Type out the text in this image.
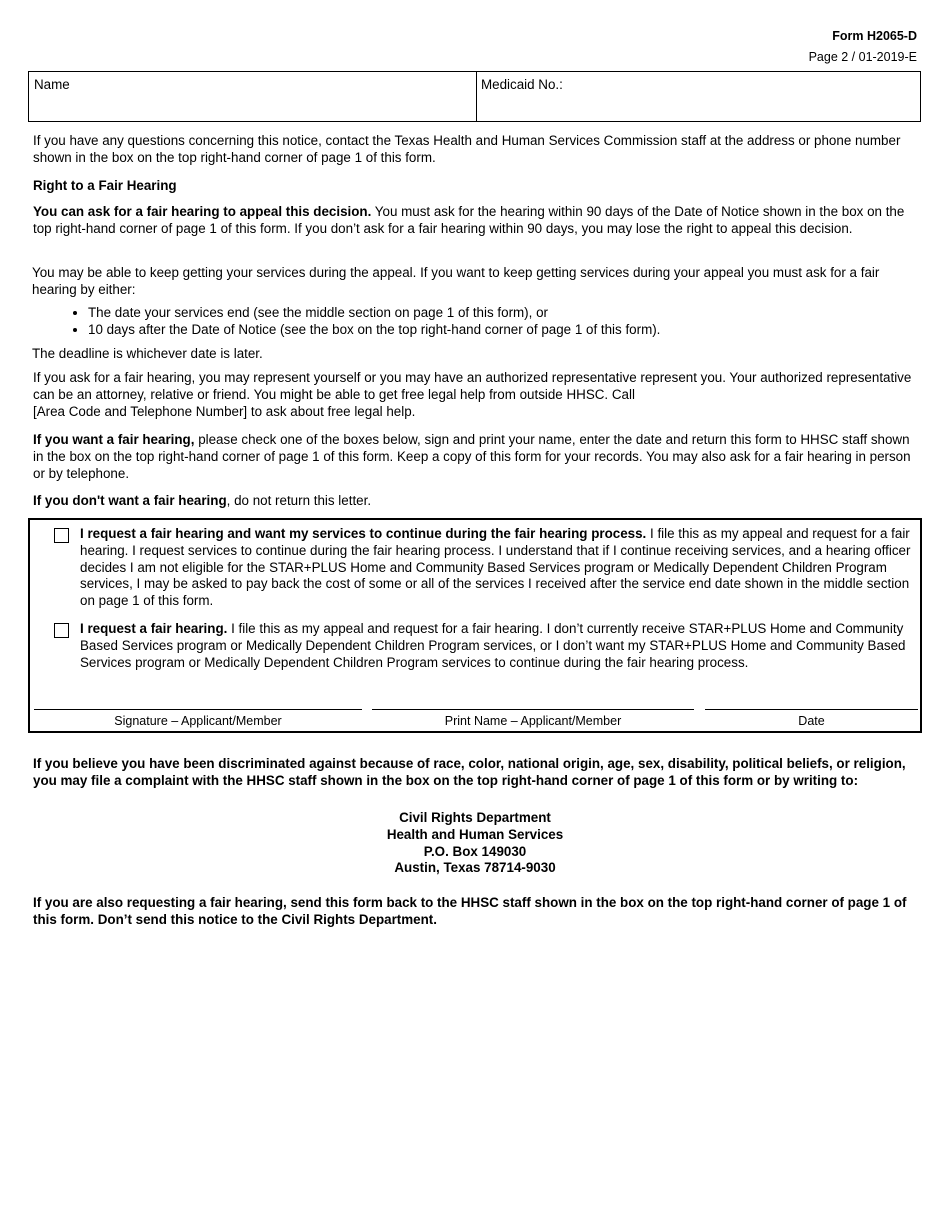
Form H2065-D
Page 2 / 01-2019-E
Name	Medicaid No.:

If you have any questions concerning this notice, contact the Texas Health and Human Services Commission staff at the address or phone number shown in the box on the top right-hand corner of page 1 of this form.

Right to a Fair Hearing

You can ask for a fair hearing to appeal this decision. You must ask for the hearing within 90 days of the Date of Notice shown in the box on the top right-hand corner of page 1 of this form. If you don’t ask for a fair hearing within 90 days, you may lose the right to appeal this decision.

You may be able to keep getting your services during the appeal. If you want to keep getting services during your appeal you must ask for a fair hearing by either:

• The date your services end (see the middle section on page 1 of this form), or
• 10 days after the Date of Notice (see the box on the top right-hand corner of page 1 of this form).

The deadline is whichever date is later.

If you ask for a fair hearing, you may represent yourself or you may have an authorized representative represent you. Your authorized representative can be an attorney, relative or friend. You might be able to get free legal help from outside HHSC. Call

[Area Code and Telephone Number] to ask about free legal help.

If you want a fair hearing, please check one of the boxes below, sign and print your name, enter the date and return this form to HHSC staff shown in the box on the top right-hand corner of page 1 of this form. Keep a copy of this form for your records. You may also ask for a fair hearing in person or by telephone.

If you don't want a fair hearing, do not return this letter.

I request a fair hearing and want my services to continue during the fair hearing process. I file this as my appeal and request for a fair hearing. I request services to continue during the fair hearing process. I understand that if I continue receiving services, and a hearing officer decides I am not eligible for the STAR+PLUS Home and Community Based Services program or Medically Dependent Children Program services, I may be asked to pay back the cost of some or all of the services I received after the service end date shown in the middle section on page 1 of this form.
I request a fair hearing. I file this as my appeal and request for a fair hearing. I don’t currently receive STAR+PLUS Home and Community Based Services program or Medically Dependent Children Program services, or I don’t want my STAR+PLUS Home and Community Based Services program or Medically Dependent Children Program services to continue during the fair hearing process.
Signature – Applicant/Member	Print Name – Applicant/Member	Date

If you believe you have been discriminated against because of race, color, national origin, age, sex, disability, political beliefs, or religion, you may file a complaint with the HHSC staff shown in the box on the top right-hand corner of page 1 of this form or by writing to:

Civil Rights Department
Health and Human Services
P.O. Box 149030
Austin, Texas 78714-9030

If you are also requesting a fair hearing, send this form back to the HHSC staff shown in the box on the top right-hand corner of page 1 of this form. Don’t send this notice to the Civil Rights Department.
